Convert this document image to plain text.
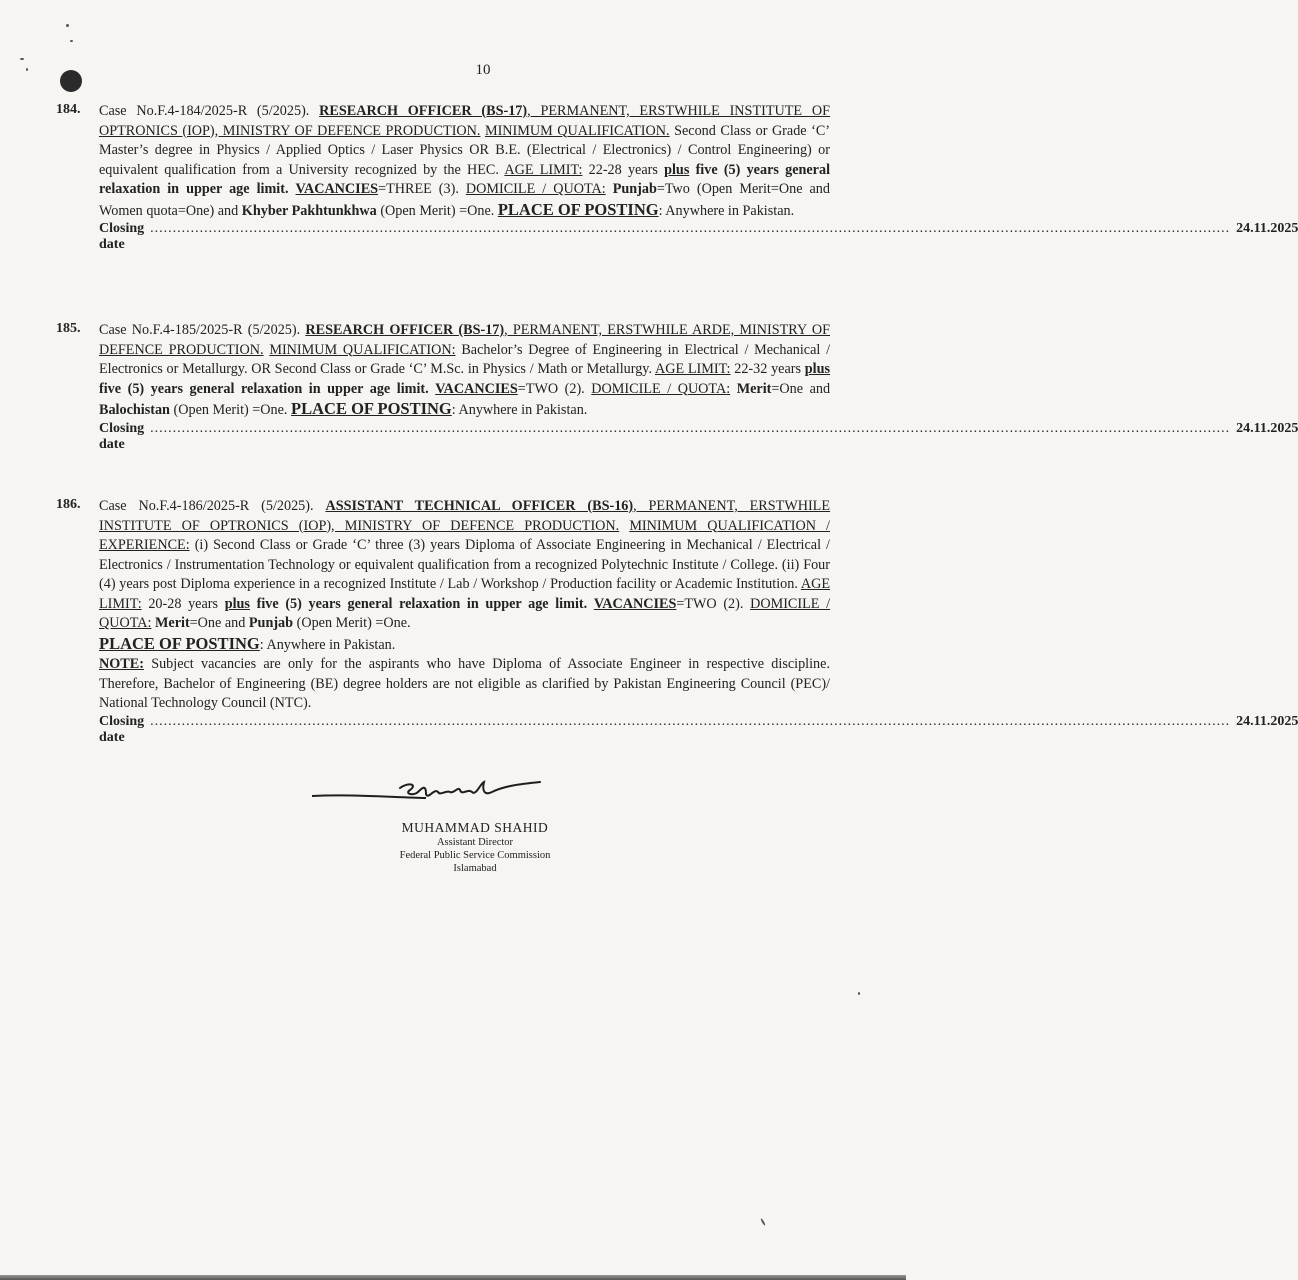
10
184. Case No.F.4-184/2025-R (5/2025). RESEARCH OFFICER (BS-17), PERMANENT, ERSTWHILE INSTITUTE OF OPTRONICS (IOP), MINISTRY OF DEFENCE PRODUCTION. MINIMUM QUALIFICATION. Second Class or Grade ‘C’ Master’s degree in Physics / Applied Optics / Laser Physics OR B.E. (Electrical / Electronics) / Control Engineering) or equivalent qualification from a University recognized by the HEC. AGE LIMIT: 22-28 years plus five (5) years general relaxation in upper age limit. VACANCIES=THREE (3). DOMICILE / QUOTA: Punjab=Two (Open Merit=One and Women quota=One) and Khyber Pakhtunkhwa (Open Merit) =One. PLACE OF POSTING: Anywhere in Pakistan.
Closing date
................................................................................................................................................................................................................................................ 24.11.2025
185. Case No.F.4-185/2025-R (5/2025). RESEARCH OFFICER (BS-17), PERMANENT, ERSTWHILE ARDE, MINISTRY OF DEFENCE PRODUCTION. MINIMUM QUALIFICATION: Bachelor’s Degree of Engineering in Electrical / Mechanical / Electronics or Metallurgy. OR Second Class or Grade ‘C’ M.Sc. in Physics / Math or Metallurgy. AGE LIMIT: 22-32 years plus five (5) years general relaxation in upper age limit. VACANCIES=TWO (2). DOMICILE / QUOTA: Merit=One and Balochistan (Open Merit) =One. PLACE OF POSTING: Anywhere in Pakistan.
Closing date
................................................................................................................................................................................................................................................ 24.11.2025
186. Case No.F.4-186/2025-R (5/2025). ASSISTANT TECHNICAL OFFICER (BS-16), PERMANENT, ERSTWHILE INSTITUTE OF OPTRONICS (IOP), MINISTRY OF DEFENCE PRODUCTION. MINIMUM QUALIFICATION / EXPERIENCE: (i) Second Class or Grade ‘C’ three (3) years Diploma of Associate Engineering in Mechanical / Electrical / Electronics / Instrumentation Technology or equivalent qualification from a recognized Polytechnic Institute / College. (ii) Four (4) years post Diploma experience in a recognized Institute / Lab / Workshop / Production facility or Academic Institution. AGE LIMIT: 20-28 years plus five (5) years general relaxation in upper age limit. VACANCIES=TWO (2). DOMICILE / QUOTA: Merit=One and Punjab (Open Merit) =One.
PLACE OF POSTING: Anywhere in Pakistan.
NOTE: Subject vacancies are only for the aspirants who have Diploma of Associate Engineer in respective discipline. Therefore, Bachelor of Engineering (BE) degree holders are not eligible as clarified by Pakistan Engineering Council (PEC)/ National Technology Council (NTC).
Closing date
................................................................................................................................................................................................................................................ 24.11.2025
MUHAMMAD SHAHID
Assistant Director
Federal Public Service Commission
Islamabad
